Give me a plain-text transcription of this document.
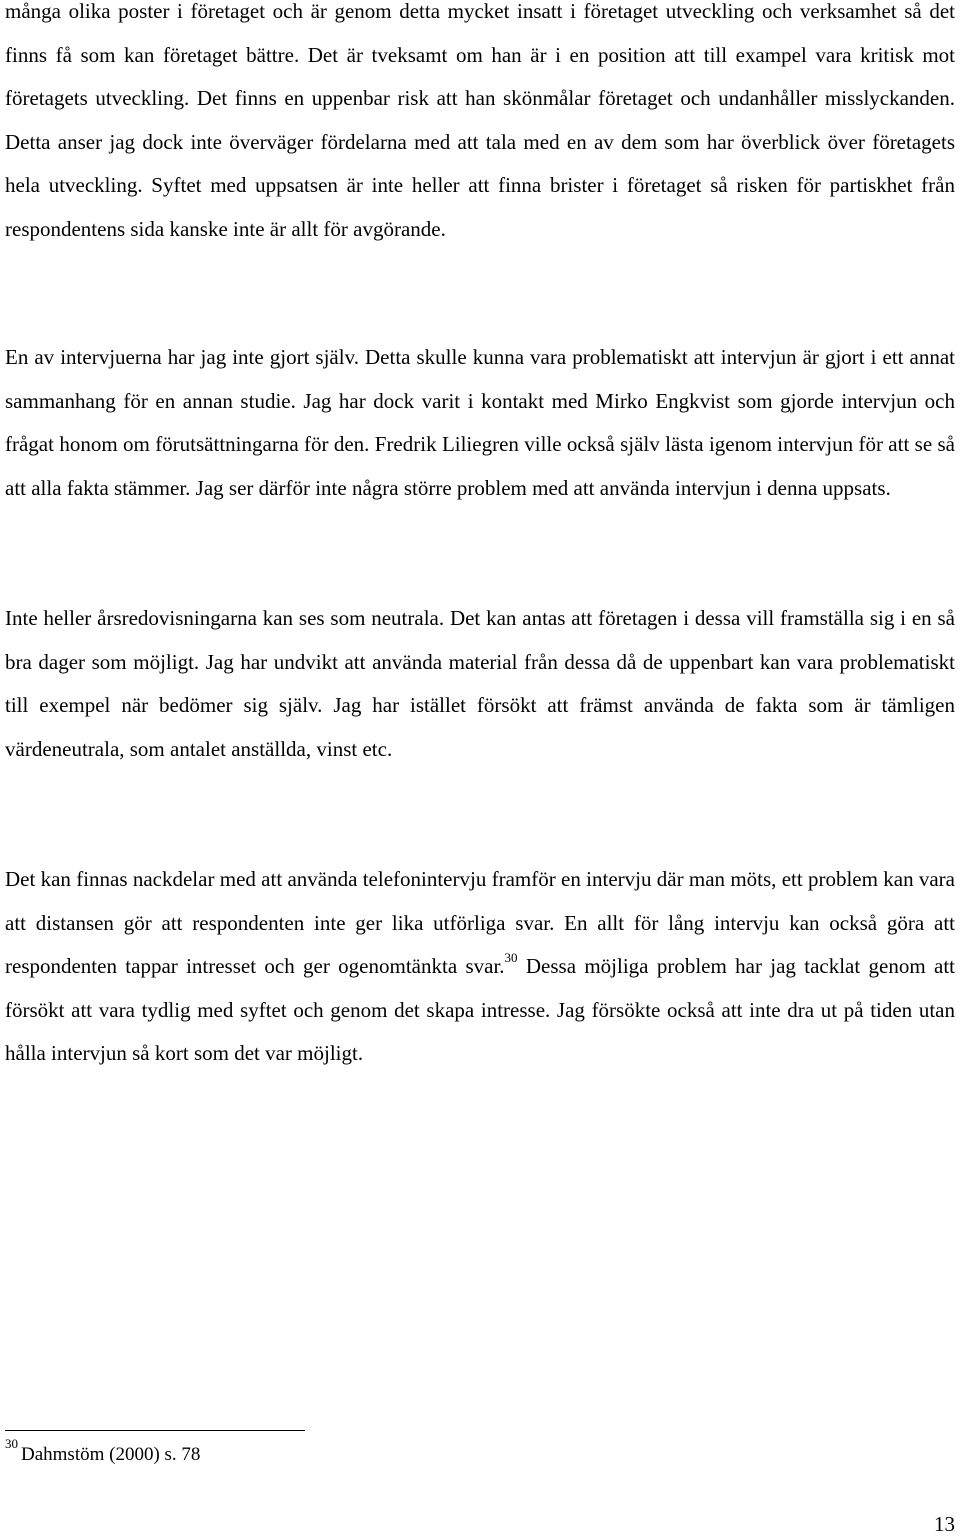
många olika poster i företaget och är genom detta mycket insatt i företaget utveckling och verksamhet så det finns få som kan företaget bättre. Det är tveksamt om han är i en position att till exampel vara kritisk mot företagets utveckling. Det finns en uppenbar risk att han skönmålar företaget och undanhåller misslyckanden. Detta anser jag dock inte överväger fördelarna med att tala med en av dem som har överblick över företagets hela utveckling. Syftet med uppsatsen är inte heller att finna brister i företaget så risken för partiskhet från respondentens sida kanske inte är allt för avgörande.

En av intervjuerna har jag inte gjort själv. Detta skulle kunna vara problematiskt att intervjun är gjort i ett annat sammanhang för en annan studie. Jag har dock varit i kontakt med Mirko Engkvist som gjorde intervjun och frågat honom om förutsättningarna för den. Fredrik Liliegren ville också själv lästa igenom intervjun för att se så att alla fakta stämmer. Jag ser därför inte några större problem med att använda intervjun i denna uppsats.

Inte heller årsredovisningarna kan ses som neutrala. Det kan antas att företagen i dessa vill framställa sig i en så bra dager som möjligt. Jag har undvikt att använda material från dessa då de uppenbart kan vara problematiskt till exempel när bedömer sig själv. Jag har istället försökt att främst använda de fakta som är tämligen värdeneutrala, som antalet anställda, vinst etc.

Det kan finnas nackdelar med att använda telefonintervju framför en intervju där man möts, ett problem kan vara att distansen gör att respondenten inte ger lika utförliga svar. En allt för lång intervju kan också göra att respondenten tappar intresset och ger ogenomtänkta svar.$^{30}$ Dessa möjliga problem har jag tacklat genom att försökt att vara tydlig med syftet och genom det skapa intresse. Jag försökte också att inte dra ut på tiden utan hålla intervjun så kort som det var möjligt.

$^{30}$Dahmstöm (2000) s. 78

13
